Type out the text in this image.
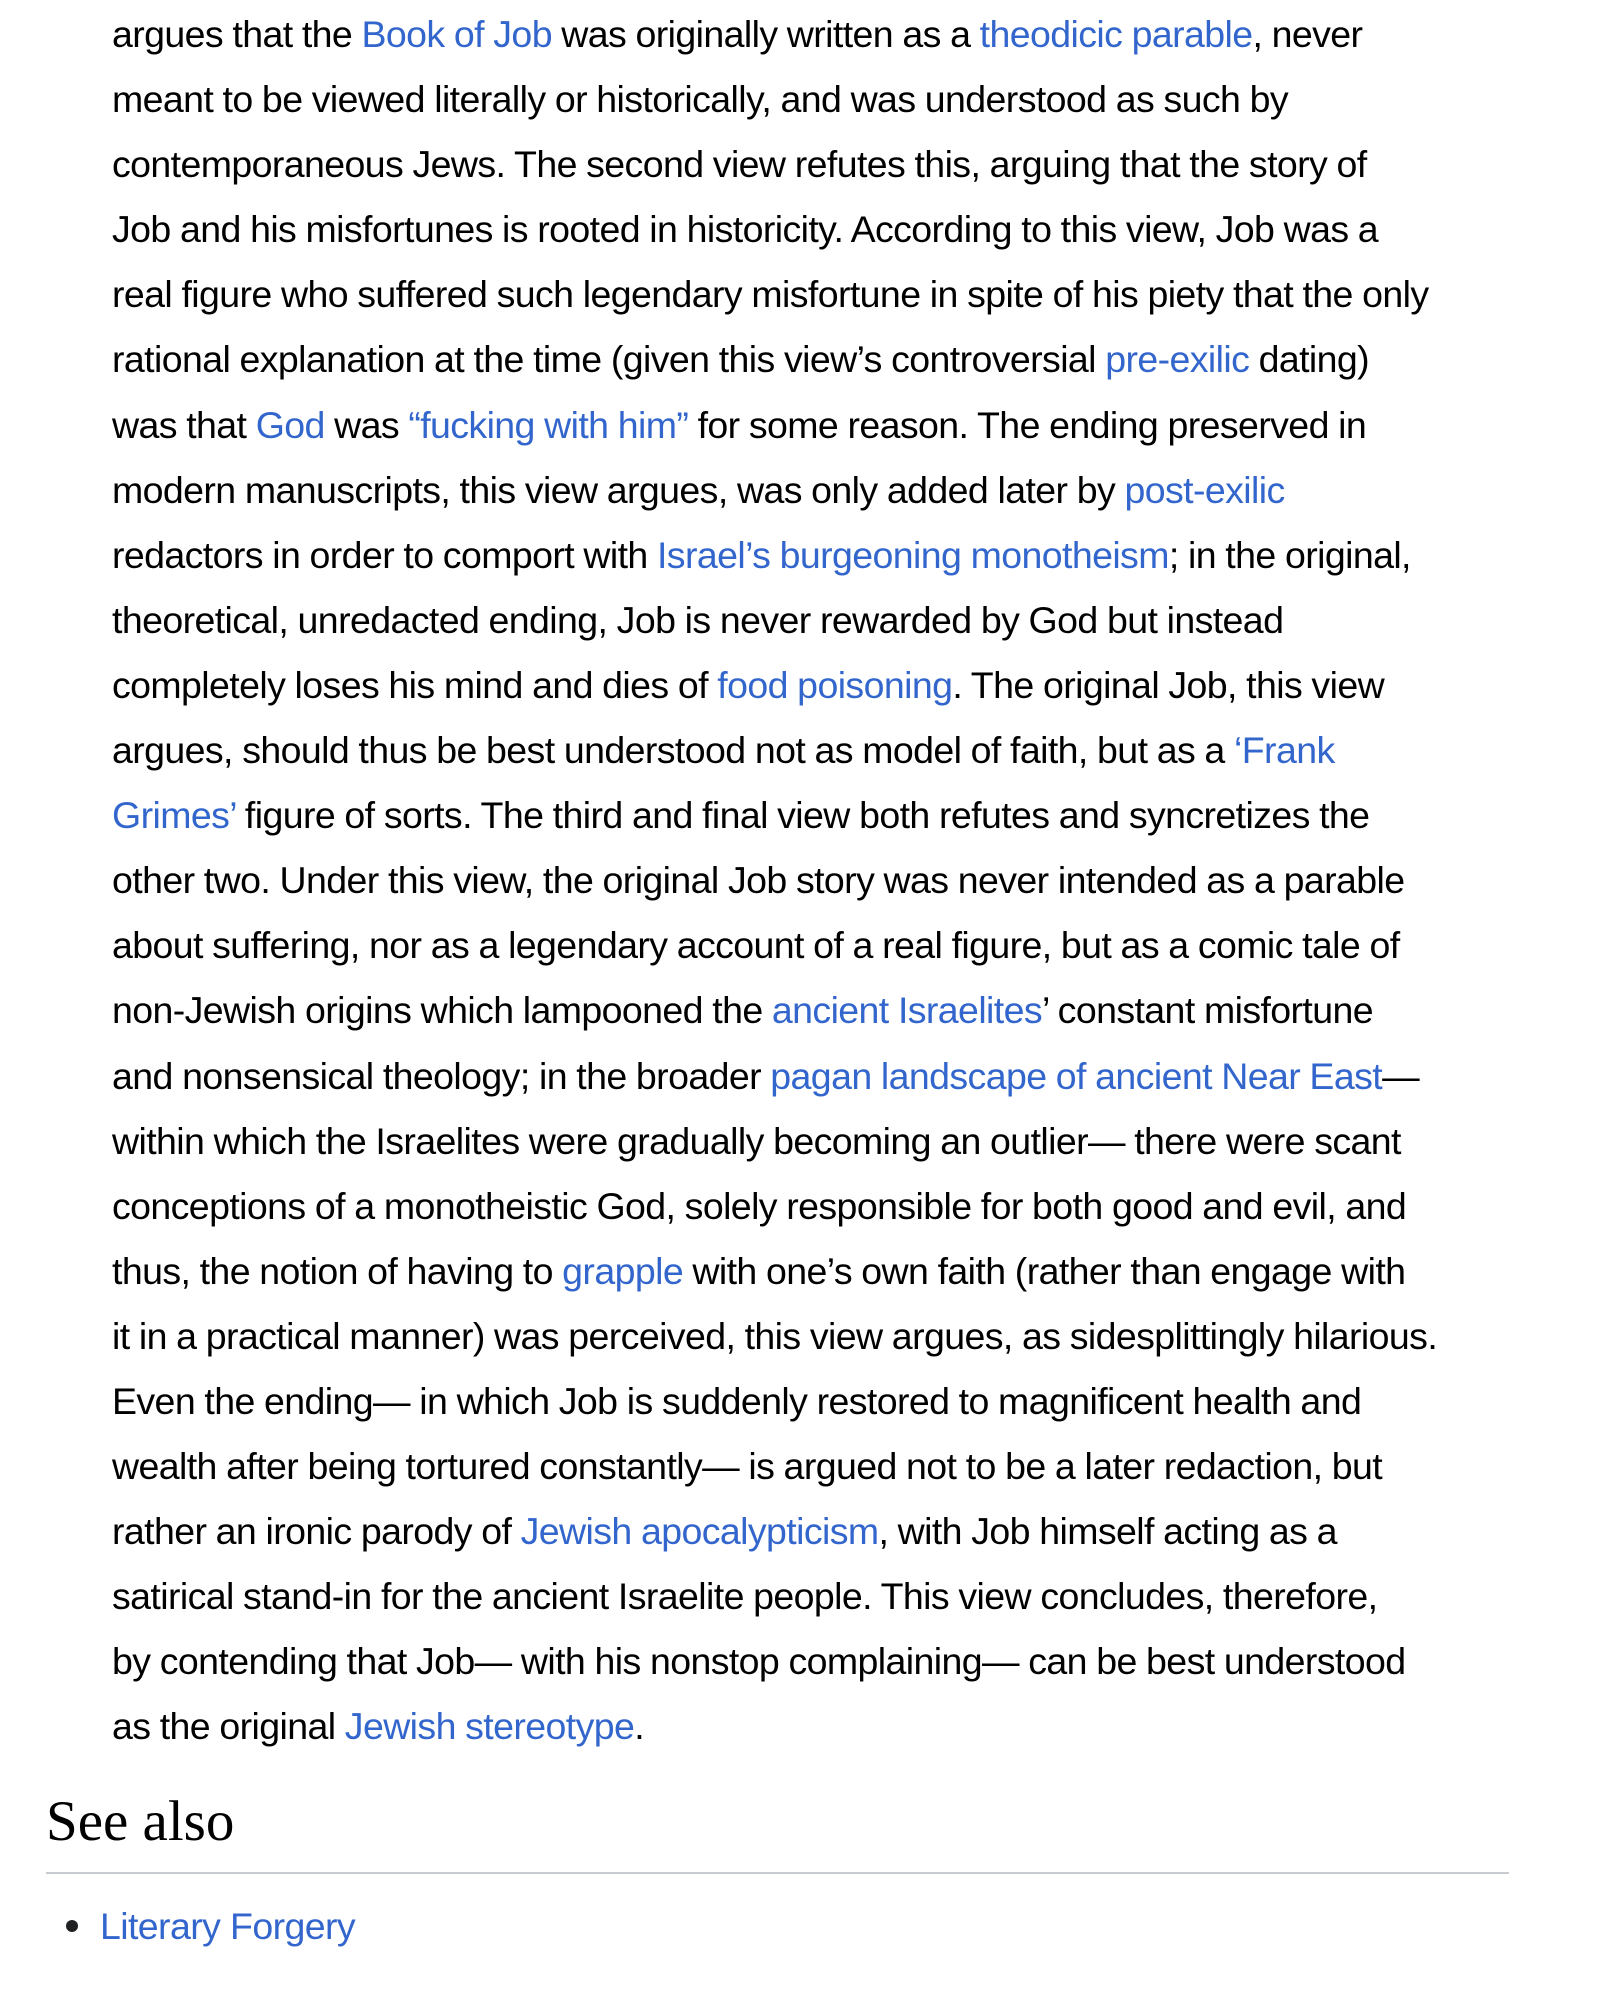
argues that the Book of Job was originally written as a theodicic parable, never
meant to be viewed literally or historically, and was understood as such by
contemporaneous Jews. The second view refutes this, arguing that the story of
Job and his misfortunes is rooted in historicity. According to this view, Job was a
real figure who suffered such legendary misfortune in spite of his piety that the only
rational explanation at the time (given this view’s controversial pre-exilic dating)
was that God was “fucking with him” for some reason. The ending preserved in
modern manuscripts, this view argues, was only added later by post-exilic
redactors in order to comport with Israel’s burgeoning monotheism; in the original,
theoretical, unredacted ending, Job is never rewarded by God but instead
completely loses his mind and dies of food poisoning. The original Job, this view
argues, should thus be best understood not as model of faith, but as a ‘Frank
Grimes’ figure of sorts. The third and final view both refutes and syncretizes the
other two. Under this view, the original Job story was never intended as a parable
about suffering, nor as a legendary account of a real figure, but as a comic tale of
non-Jewish origins which lampooned the ancient Israelites’ constant misfortune
and nonsensical theology; in the broader pagan landscape of ancient Near East—
within which the Israelites were gradually becoming an outlier— there were scant
conceptions of a monotheistic God, solely responsible for both good and evil, and
thus, the notion of having to grapple with one’s own faith (rather than engage with
it in a practical manner) was perceived, this view argues, as sidesplittingly hilarious.
Even the ending— in which Job is suddenly restored to magnificent health and
wealth after being tortured constantly— is argued not to be a later redaction, but
rather an ironic parody of Jewish apocalypticism, with Job himself acting as a
satirical stand-in for the ancient Israelite people. This view concludes, therefore,
by contending that Job— with his nonstop complaining— can be best understood
as the original Jewish stereotype.
See also
Literary Forgery
